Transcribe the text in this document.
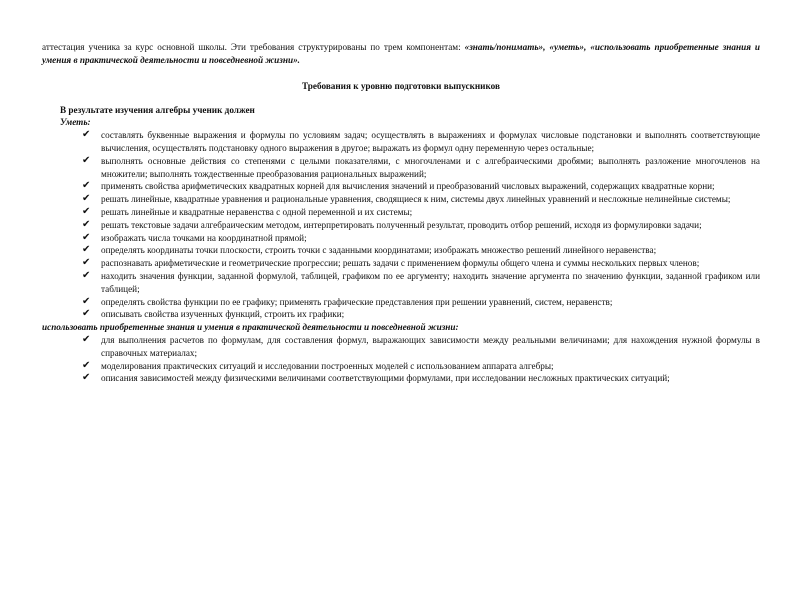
аттестация ученика за курс основной школы. Эти требования структурированы по трем компонентам: «знать/понимать», «уметь», «использовать приобретенные знания и умения в практической деятельности и повседневной жизни».

Требования к уровню подготовки выпускников

В результате изучения алгебры ученик должен

Уметь:

✔	составлять буквенные выражения и формулы по условиям задач; осуществлять в выражениях и формулах числовые подстановки и выполнять соответствующие вычисления, осуществлять подстановку одного выражения в другое; выражать из формул одну переменную через остальные;
✔	выполнять основные действия со степенями с целыми показателями, с многочленами и с алгебраическими дробями; выполнять разложение многочленов на множители; выполнять тождественные преобразования рациональных выражений;
✔	применять свойства арифметических квадратных корней для вычисления значений и преобразований числовых выражений, содержащих квадратные корни;
✔	решать линейные, квадратные уравнения и рациональные уравнения, сводящиеся к ним, системы двух линейных уравнений и несложные нелинейные системы;
✔	решать линейные и квадратные неравенства с одной переменной и их системы;
✔	решать текстовые задачи алгебраическим методом, интерпретировать полученный результат, проводить отбор решений, исходя из формулировки задачи;
✔	изображать числа точками на координатной прямой;
✔	определять координаты точки плоскости, строить точки с заданными координатами; изображать множество решений линейного неравенства;
✔	распознавать арифметические и геометрические прогрессии; решать задачи с применением формулы общего члена и суммы нескольких первых членов;
✔	находить значения функции, заданной формулой, таблицей, графиком по ее аргументу; находить значение аргумента по значению функции, заданной графиком или таблицей;
✔	определять свойства функции по ее графику; применять графические представления при решении уравнений, систем, неравенств;
✔	описывать свойства изученных функций, строить их графики;

использовать приобретенные знания и умения в практической деятельности и повседневной жизни:

✔	для выполнения расчетов по формулам, для составления формул, выражающих зависимости между реальными величинами; для нахождения нужной формулы в справочных материалах;
✔	моделирования практических ситуаций и исследовании построенных моделей с использованием аппарата алгебры;
✔	описания зависимостей между физическими величинами соответствующими формулами, при исследовании несложных практических ситуаций;
